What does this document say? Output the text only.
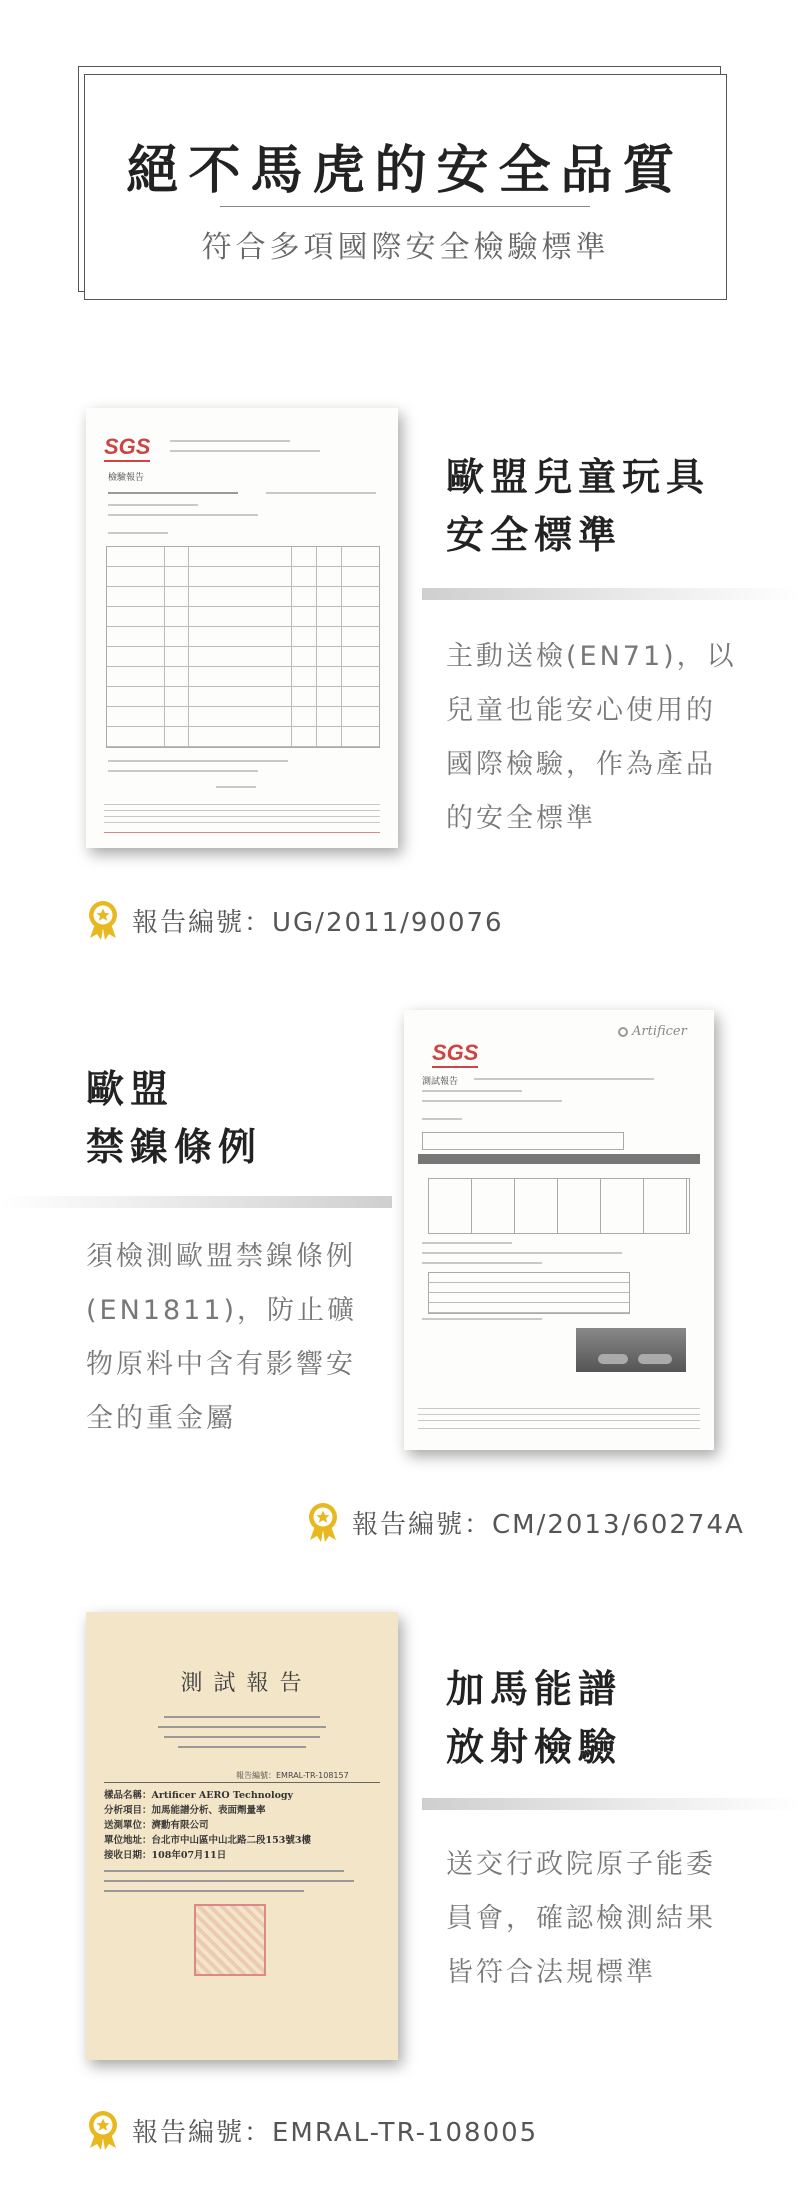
絕不馬虎的安全品質
符合多項國際安全檢驗標準
SGS
檢驗報告	歐盟兒童玩具
安全標準
主動送檢(EN71)，以
兒童也能安心使用的
國際檢驗，作為產品
的安全標準
報告編號：UG/2011/90076
歐盟
禁鎳條例
須檢測歐盟禁鎳條例
(EN1811)，防止礦
物原料中含有影響安
全的重金屬
Artificer
SGS
測試報告
報告編號：CM/2013/60274A
測 試 報 告
報告編號：EMRAL-TR-108157
樣品名稱：Artificer AERO Technology
分析項目：加馬能譜分析、表面劑量率
送測單位：濟勳有限公司
單位地址：台北市中山區中山北路二段153號3樓
接收日期：108年07月11日
加馬能譜
放射檢驗
送交行政院原子能委
員會，確認檢測結果
皆符合法規標準
報告編號：EMRAL-TR-108005
